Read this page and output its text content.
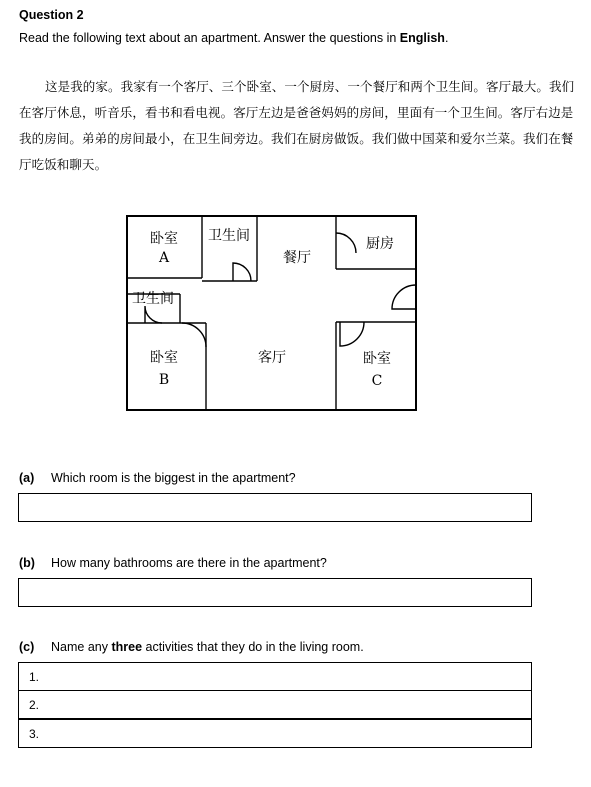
Question 2
Read the following text about an apartment. Answer the questions in English.
这是我的家。我家有一个客厅、三个卧室、一个厨房、一个餐厅和两个卫生间。客厅最大。我们在客厅休息，听音乐，看书和看电视。客厅左边是爸爸妈妈的房间，里面有一个卫生间。客厅右边是我的房间。弟弟的房间最小，在卫生间旁边。我们在厨房做饭。我们做中国菜和爱尔兰菜。我们在餐厅吃饭和聊天。
卧室
A
卫生间
餐厅
厨房
卫生间
卧室
B
客厅	卧室
C
(a) Which room is the biggest in the apartment?
(b) How many bathrooms are there in the apartment?
(c) Name any three activities that they do in the living room.
1.
2.
3.
